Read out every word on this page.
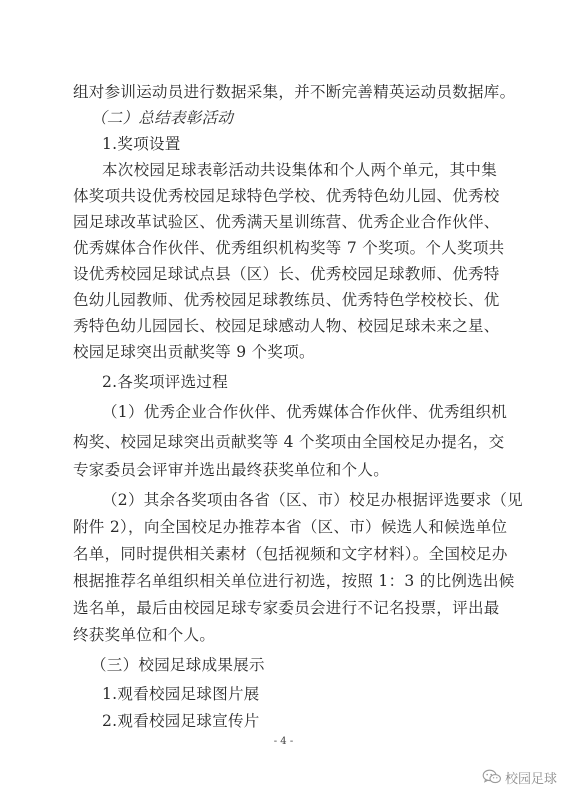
组对参训运动员进行数据采集，并不断完善精英运动员数据库。
（二）总结表彰活动
1.奖项设置
本次校园足球表彰活动共设集体和个人两个单元，其中集
体奖项共设优秀校园足球特色学校、优秀特色幼儿园、优秀校
园足球改革试验区、优秀满天星训练营、优秀企业合作伙伴、
优秀媒体合作伙伴、优秀组织机构奖等 7 个奖项。个人奖项共
设优秀校园足球试点县（区）长、优秀校园足球教师、优秀特
色幼儿园教师、优秀校园足球教练员、优秀特色学校校长、优
秀特色幼儿园园长、校园足球感动人物、校园足球未来之星、
校园足球突出贡献奖等 9 个奖项。
2.各奖项评选过程
（1）优秀企业合作伙伴、优秀媒体合作伙伴、优秀组织机
构奖、校园足球突出贡献奖等 4 个奖项由全国校足办提名，交
专家委员会评审并选出最终获奖单位和个人。
（2）其余各奖项由各省（区、市）校足办根据评选要求（见
附件 2），向全国校足办推荐本省（区、市）候选人和候选单位
名单，同时提供相关素材（包括视频和文字材料）。全国校足办
根据推荐名单组织相关单位进行初选，按照 1：3 的比例选出候
选名单，最后由校园足球专家委员会进行不记名投票，评出最
终获奖单位和个人。
（三）校园足球成果展示
1.观看校园足球图片展
2.观看校园足球宣传片
- 4 -
校园足球
